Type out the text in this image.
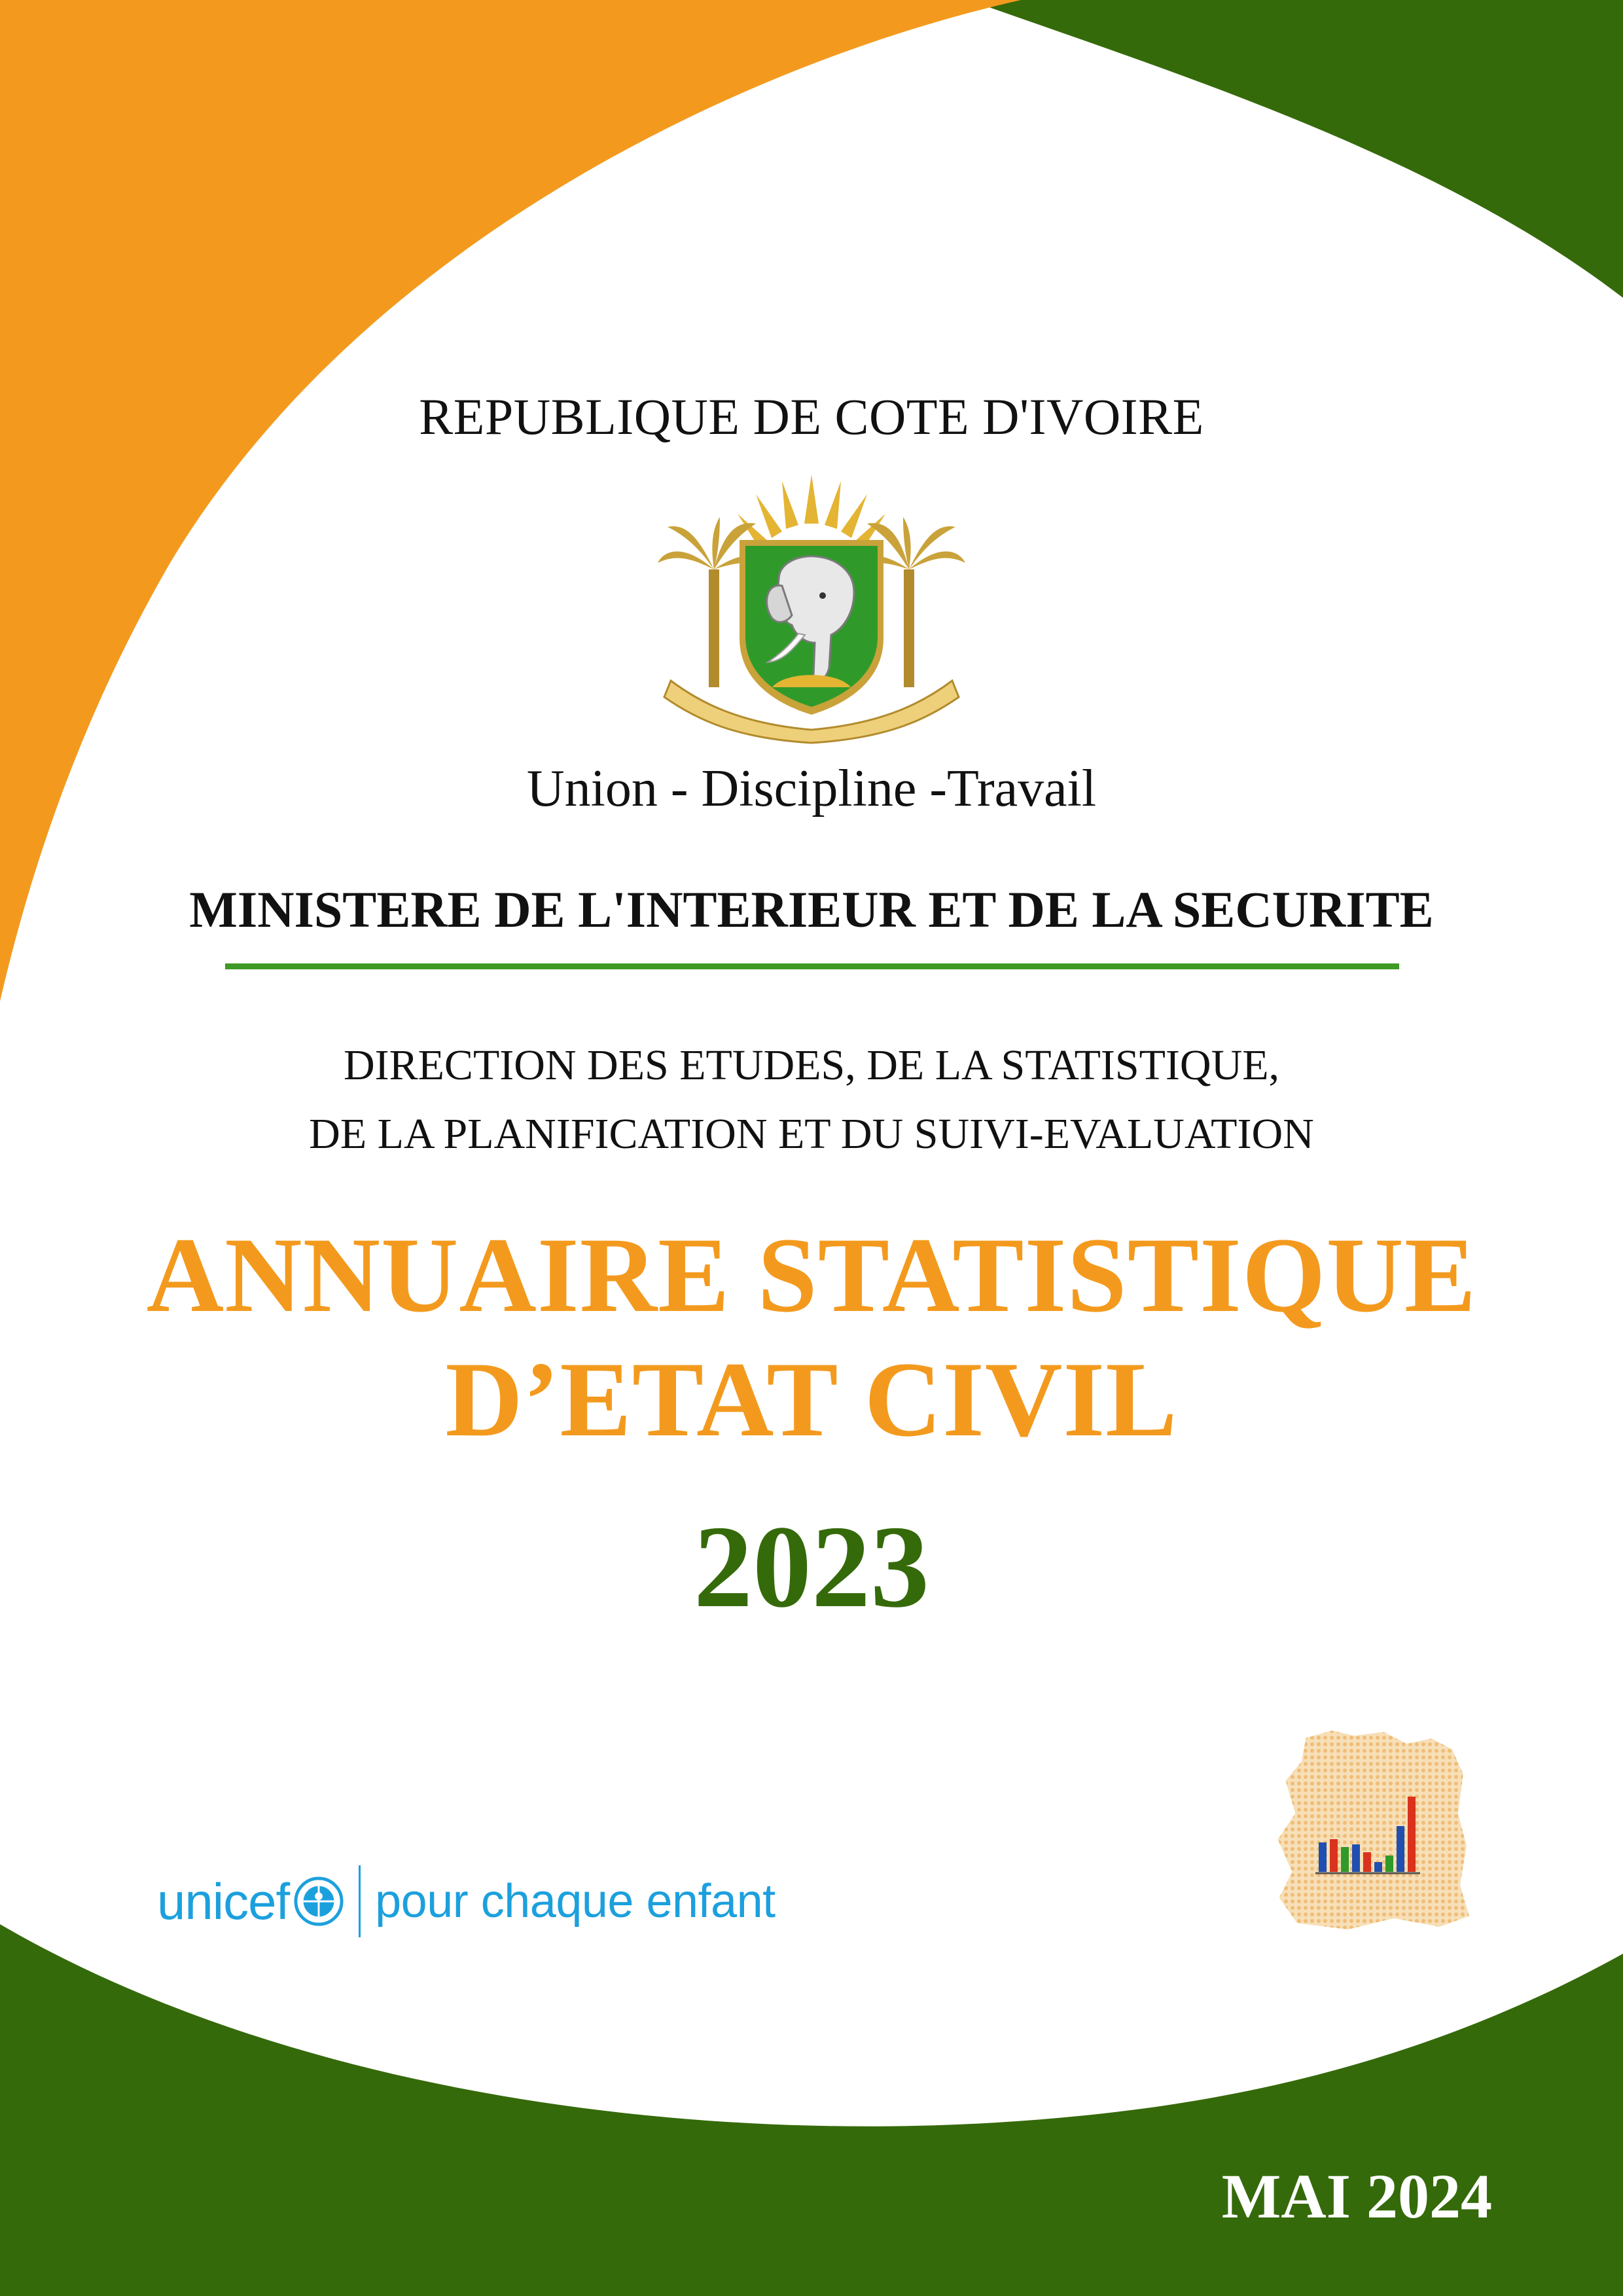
REPUBLIQUE DE COTE D'IVOIRE
Union - Discipline -Travail
MINISTERE DE L'INTERIEUR ET DE LA SECURITE
DIRECTION DES ETUDES, DE LA STATISTIQUE,
DE LA PLANIFICATION ET DU SUIVI-EVALUATION
ANNUAIRE STATISTIQUE
D’ETAT CIVIL
2023
unicef pour chaque enfant
MAI 2024
